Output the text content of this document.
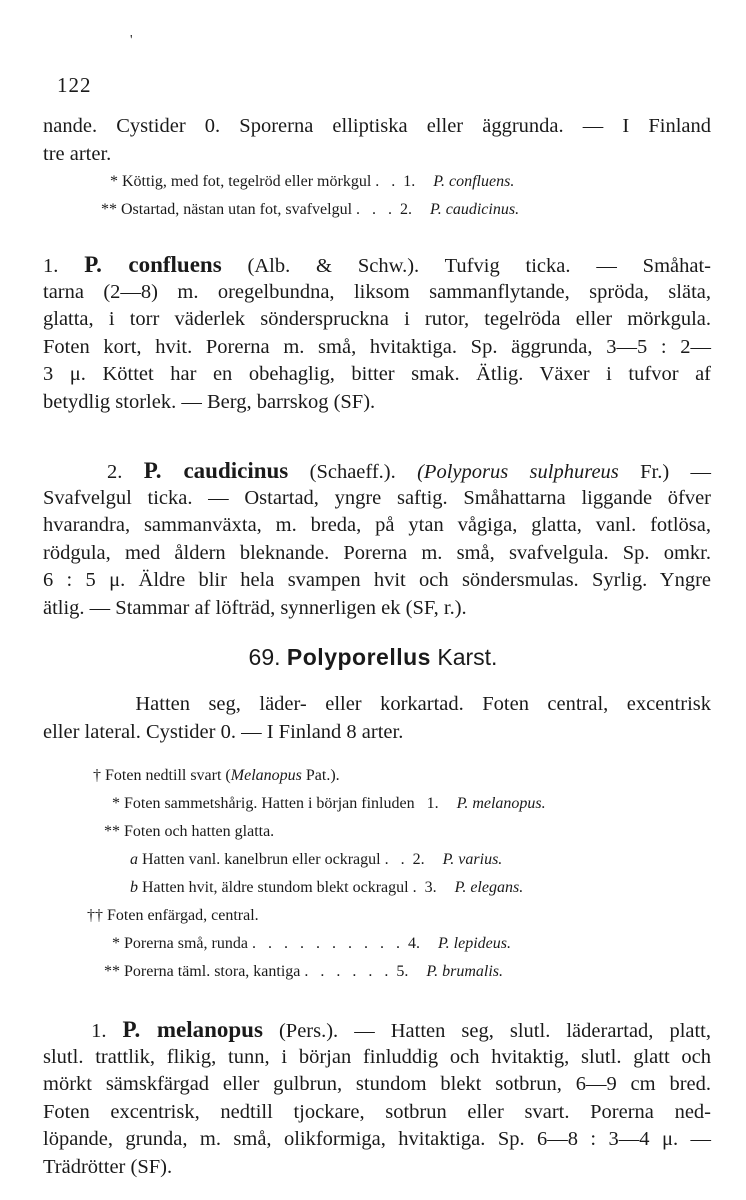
'
122
nande. Cystider 0. Sporerna elliptiska eller äggrunda. — I Finland
tre arter.
* Köttig, med fot, tegelröd eller mörkgul . . 1. P. confluens.
** Ostartad, nästan utan fot, svafvelgul . . . 2. P. caudicinus.
1. P. confluens (Alb. & Schw.). Tufvig ticka. — Småhat-
tarna (2—8) m. oregelbundna, liksom sammanflytande, spröda, släta,
glatta, i torr väderlek sönderspruckna i rutor, tegelröda eller mörkgula.
Foten kort, hvit. Porerna m. små, hvitaktiga. Sp. äggrunda, 3—5 : 2—
3 μ. Köttet har en obehaglig, bitter smak. Ätlig. Växer i tufvor af
betydlig storlek. — Berg, barrskog (SF).
2. P. caudicinus (Schaeff.). (Polyporus sulphureus Fr.) —
Svafvelgul ticka. — Ostartad, yngre saftig. Småhattarna liggande öfver
hvarandra, sammanväxta, m. breda, på ytan vågiga, glatta, vanl. fotlösa,
rödgula, med åldern bleknande. Porerna m. små, svafvelgula. Sp. omkr.
6 : 5 μ. Äldre blir hela svampen hvit och söndersmulas. Syrlig. Yngre
ätlig. — Stammar af löfträd, synnerligen ek (SF, r.).
69. Polyporellus Karst.
Hatten seg, läder- eller korkartad. Foten central, excentrisk
eller lateral. Cystider 0. — I Finland 8 arter.
† Foten nedtill svart (Melanopus Pat.).
* Foten sammetshårig. Hatten i början finluden 1. P. melanopus.
** Foten och hatten glatta.
a Hatten vanl. kanelbrun eller ockragul . . 2. P. varius.
b Hatten hvit, äldre stundom blekt ockragul . 3. P. elegans.
†† Foten enfärgad, central.
* Porerna små, runda . . . . . . . . . . 4. P. lepideus.
** Porerna täml. stora, kantiga . . . . . . 5. P. brumalis.
1. P. melanopus (Pers.). — Hatten seg, slutl. läderartad, platt,
slutl. trattlik, flikig, tunn, i början finluddig och hvitaktig, slutl. glatt och
mörkt sämskfärgad eller gulbrun, stundom blekt sotbrun, 6—9 cm bred.
Foten excentrisk, nedtill tjockare, sotbrun eller svart. Porerna ned-
löpande, grunda, m. små, olikformiga, hvitaktiga. Sp. 6—8 : 3—4 μ. —
Trädrötter (SF).
